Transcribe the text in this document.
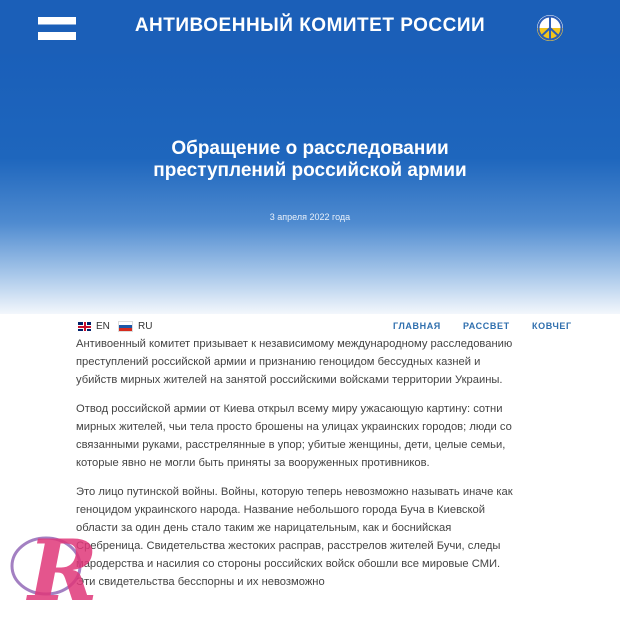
АНТИВОЕННЫЙ КОМИТЕТ РОССИИ
Обращение о расследовании преступлений российской армии
3 апреля 2022 года
EN	RU	ГЛАВНАЯ РАССВЕТ КОВЧЕГ

Антивоенный комитет призывает к независимому международному расследованию преступлений российской армии и признанию геноцидом бессудных казней и убийств мирных жителей на занятой российскими войсками территории Украины.

Отвод российской армии от Киева открыл всему миру ужасающую картину: сотни мирных жителей, чьи тела просто брошены на улицах украинских городов; люди со связанными руками, расстрелянные в упор; убитые женщины, дети, целые семьи, которые явно не могли быть приняты за вооруженных противников.

Это лицо путинской войны. Войны, которую теперь невозможно называть иначе как геноцидом украинского народа. Название небольшого города Буча в Киевской области за один день стало таким же нарицательным, как и боснийская Сребреница. Свидетельства жестоких расправ, расстрелов жителей Бучи, следы мародерства и насилия со стороны российских войск обошли все мировые СМИ. Эти свидетельства бесспорны и их невозможно

R
